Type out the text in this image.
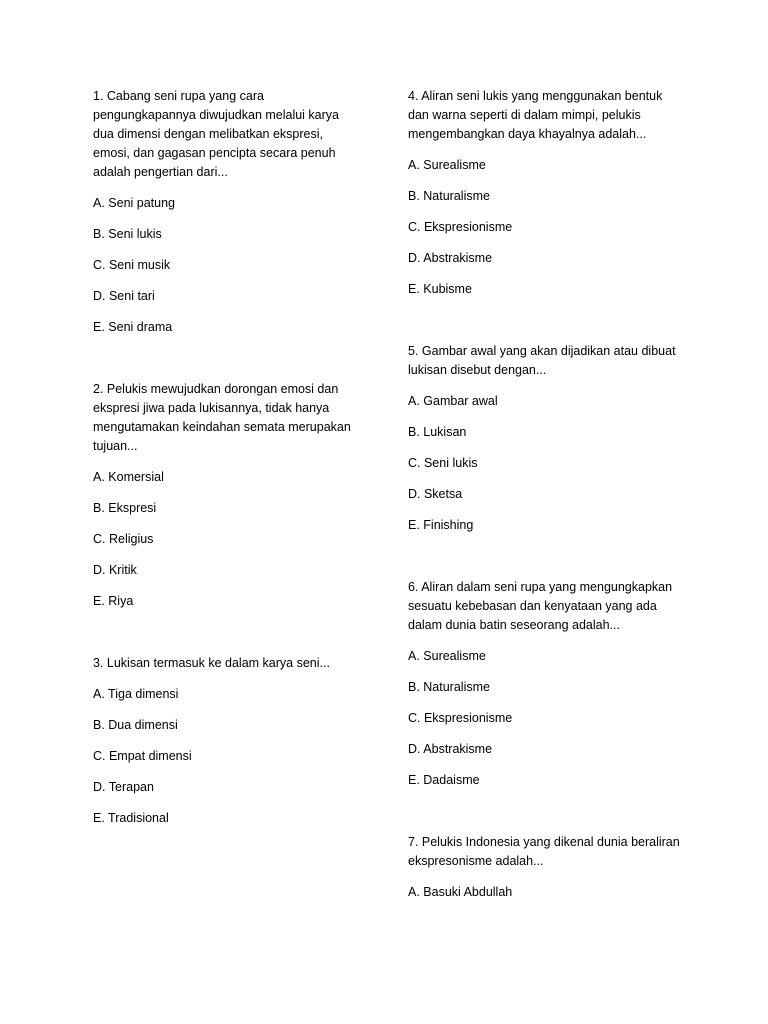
1. Cabang seni rupa yang cara pengungkapannya diwujudkan melalui karya dua dimensi dengan melibatkan ekspresi, emosi, dan gagasan pencipta secara penuh adalah pengertian dari...

A. Seni patung

B. Seni lukis

C. Seni musik

D. Seni tari

E. Seni drama

2. Pelukis mewujudkan dorongan emosi dan ekspresi jiwa pada lukisannya, tidak hanya mengutamakan keindahan semata merupakan tujuan...

A. Komersial

B. Ekspresi

C. Religius

D. Kritik

E. Riya

3. Lukisan termasuk ke dalam karya seni...

A. Tiga dimensi

B. Dua dimensi

C. Empat dimensi

D. Terapan

E. Tradisional

4. Aliran seni lukis yang menggunakan bentuk dan warna seperti di dalam mimpi, pelukis mengembangkan daya khayalnya adalah...

A. Surealisme

B. Naturalisme

C. Ekspresionisme

D. Abstrakisme

E. Kubisme

5. Gambar awal yang akan dijadikan atau dibuat lukisan disebut dengan...

A. Gambar awal

B. Lukisan

C. Seni lukis

D. Sketsa

E. Finishing

6. Aliran dalam seni rupa yang mengungkapkan sesuatu kebebasan dan kenyataan yang ada dalam dunia batin seseorang adalah...

A. Surealisme

B. Naturalisme

C. Ekspresionisme

D. Abstrakisme

E. Dadaisme

7. Pelukis Indonesia yang dikenal dunia beraliran ekspresonisme adalah...

A. Basuki Abdullah
